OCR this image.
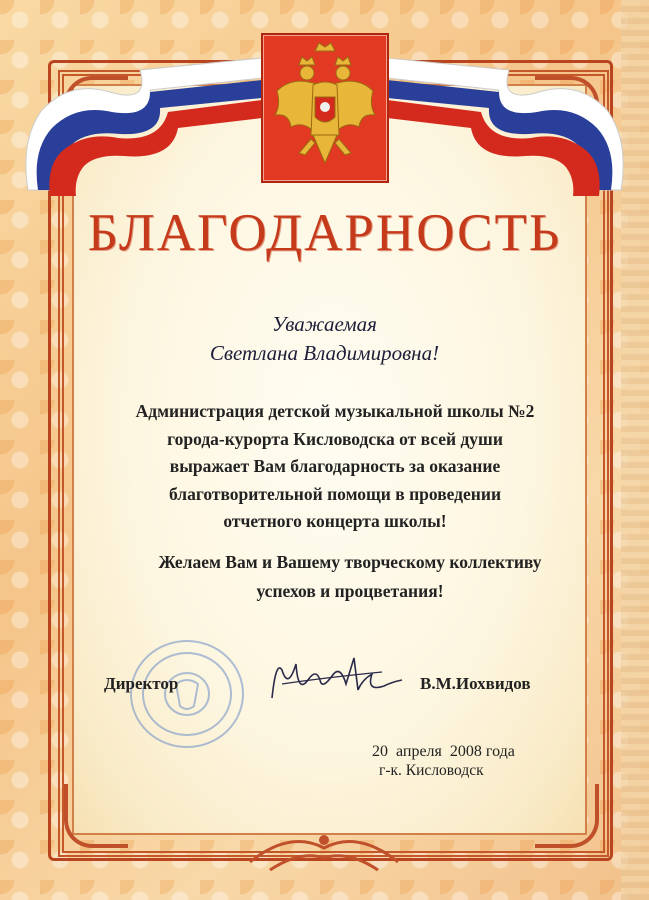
БЛАГОДАРНОСТЬ
Уважаемая
Светлана Владимировна!
Администрация детской музыкальной школы №2
города-курорта Кисловодска от всей души
выражает Вам благодарность за оказание
благотворительной помощи в проведении
отчетного концерта школы!
Желаем Вам и Вашему творческому коллективу
успехов и процветания!
Директор	В.М.Иохвидов
20  апреля  2008 года
г-к. Кисловодск
